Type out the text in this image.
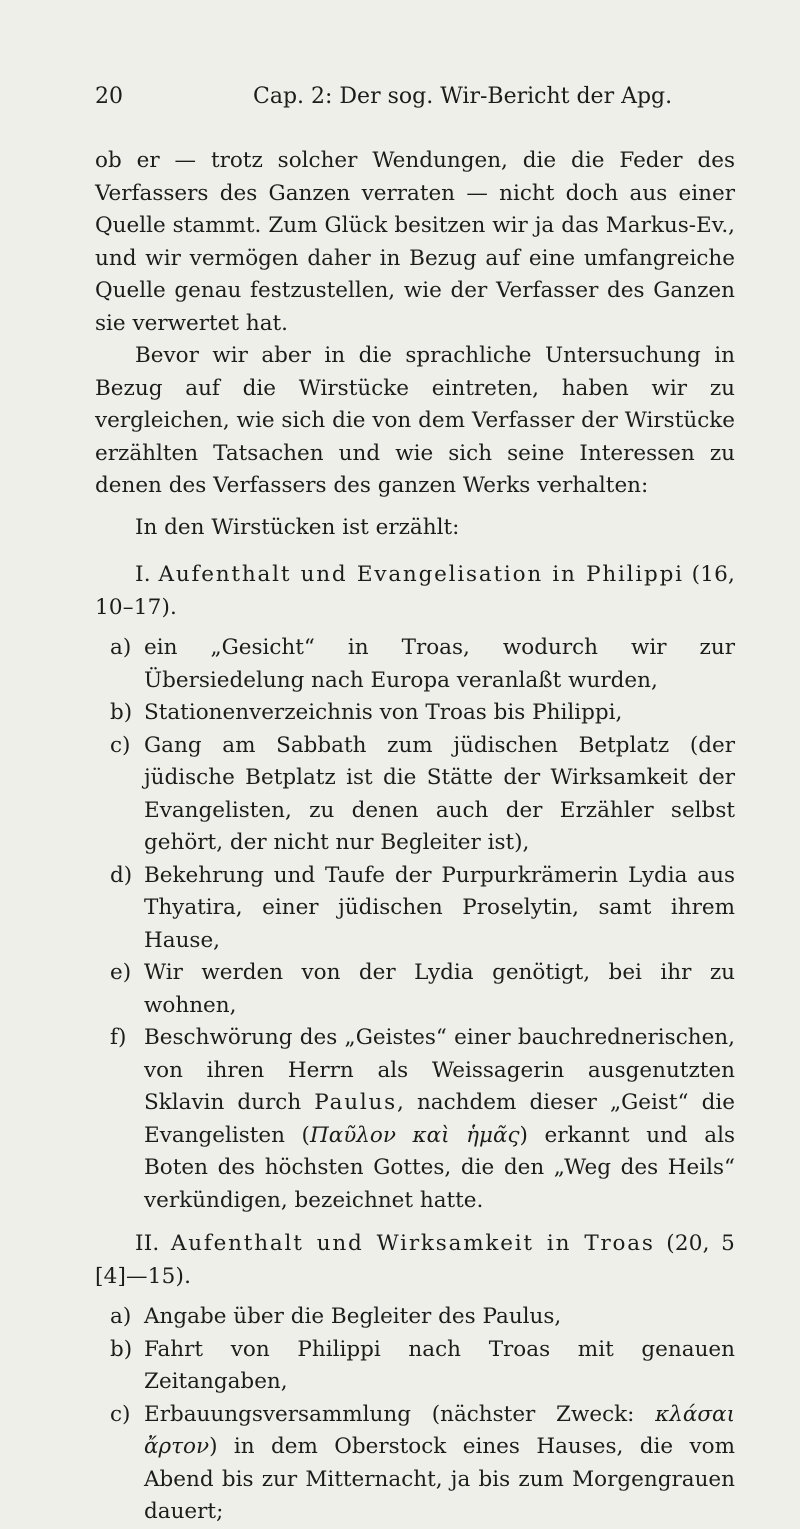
20	Cap. 2: Der sog. Wir-Bericht der Apg.

ob er — trotz solcher Wendungen, die die Feder des Verfassers des Ganzen verraten — nicht doch aus einer Quelle stammt. Zum Glück besitzen wir ja das Markus-Ev., und wir vermögen daher in Bezug auf eine umfangreiche Quelle genau festzustellen, wie der Verfasser des Ganzen sie verwertet hat.

Bevor wir aber in die sprachliche Untersuchung in Bezug auf die Wirstücke eintreten, haben wir zu vergleichen, wie sich die von dem Verfasser der Wirstücke erzählten Tatsachen und wie sich seine Interessen zu denen des Verfassers des ganzen Werks verhalten:

In den Wirstücken ist erzählt:

I. Aufenthalt und Evangelisation in Philippi (16, 10–17).

a) ein „Gesicht“ in Troas, wodurch wir zur Übersiedelung nach Europa veranlaßt wurden,
b) Stationenverzeichnis von Troas bis Philippi,
c) Gang am Sabbath zum jüdischen Betplatz (der jüdische Betplatz ist die Stätte der Wirksamkeit der Evangelisten, zu denen auch der Erzähler selbst gehört, der nicht nur Begleiter ist),
d) Bekehrung und Taufe der Purpurkrämerin Lydia aus Thyatira, einer jüdischen Proselytin, samt ihrem Hause,
e) Wir werden von der Lydia genötigt, bei ihr zu wohnen,
f) Beschwörung des „Geistes“ einer bauchrednerischen, von ihren Herrn als Weissagerin ausgenutzten Sklavin durch Paulus, nachdem dieser „Geist“ die Evangelisten (Παῦλον καὶ ἡμᾶς) erkannt und als Boten des höchsten Gottes, die den „Weg des Heils“ verkündigen, bezeichnet hatte.

II. Aufenthalt und Wirksamkeit in Troas (20, 5 [4]—15).

a) Angabe über die Begleiter des Paulus,
b) Fahrt von Philippi nach Troas mit genauen Zeitangaben,
c) Erbauungsversammlung (nächster Zweck: κλάσαι ἄρτον) in dem Oberstock eines Hauses, die vom Abend bis zur Mitternacht, ja bis zum Morgengrauen dauert;
